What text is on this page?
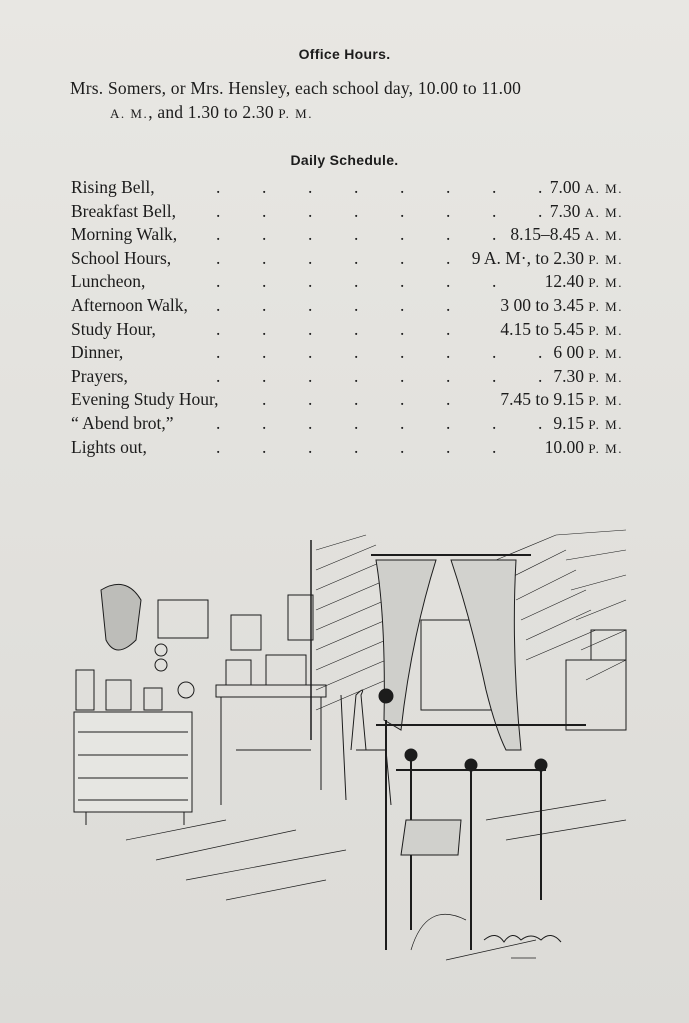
Office Hours.
Mrs. Somers, or Mrs. Hensley, each school day, 10.00 to 11.00
A. M., and 1.30 to 2.30 P. M.
Daily Schedule.
Rising Bell,	7.00 A. M.
. . . . . . . .
Breakfast Bell,	7.30 A. M.
. . . . . . . .
Morning Walk,	8.15–8.45 A. M.
. . . . . . .
School Hours,	9 A. M·, to 2.30 P. M.
. . . . . .
Luncheon,	12.40 P. M.
. . . . . . .
Afternoon Walk,	3 00 to 3.45 P. M.
. . . . . .
Study Hour,	4.15 to 5.45 P. M.
. . . . . .
Dinner,	6 00 P. M.
. . . . . . . .
Prayers,	7.30 P. M.
. . . . . . . .
Evening Study Hour,	7.45 to 9.15 P. M.
. . . . .
“ Abend brot,”	9.15 P. M.
. . . . . . . .
Lights out,	10.00 P. M.
. . . . . . .
